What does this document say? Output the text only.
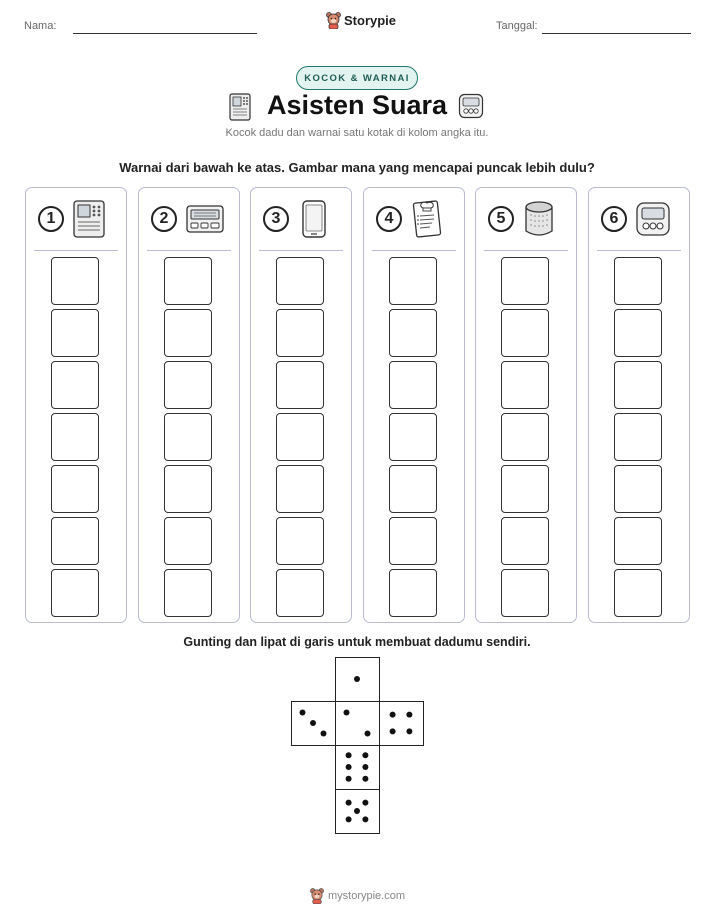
Nama:	Storypie	Tanggal:
KOCOK & WARNAI
Asisten Suara
Kocok dadu dan warnai satu kotak di kolom angka itu.
Warnai dari bawah ke atas. Gambar mana yang mencapai puncak lebih dulu?
1	2	3	4	5	6
Gunting dan lipat di garis untuk membuat dadumu sendiri.
mystorypie.com
